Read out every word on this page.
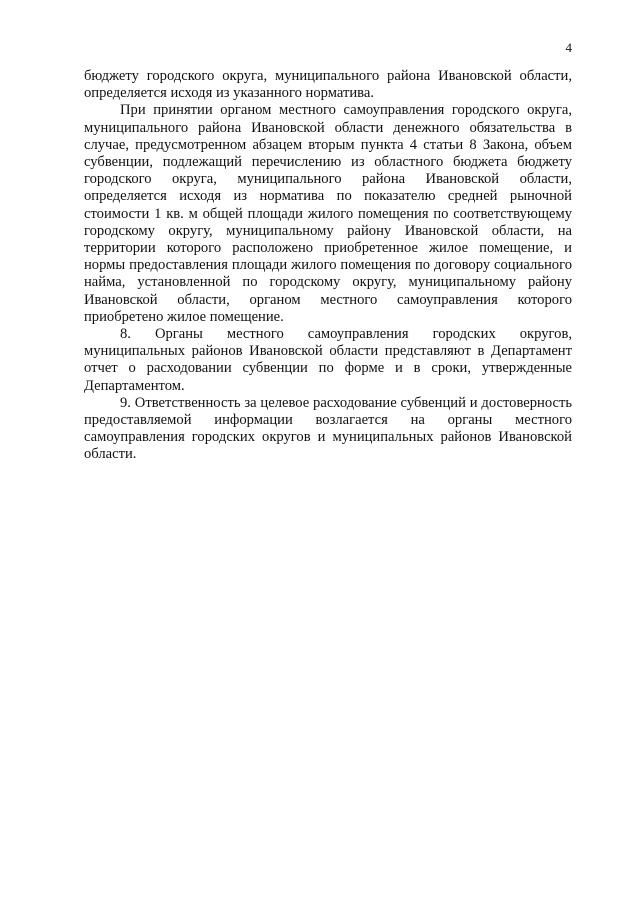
4

бюджету городского округа, муниципального района Ивановской области, определяется исходя из указанного норматива.

При принятии органом местного самоуправления городского округа, муниципального района Ивановской области денежного обязательства в случае, предусмотренном абзацем вторым пункта 4 статьи 8 Закона, объем субвенции, подлежащий перечислению из областного бюджета бюджету городского округа, муниципального района Ивановской области, определяется исходя из норматива по показателю средней рыночной стоимости 1 кв. м общей площади жилого помещения по соответствующему городскому округу, муниципальному району Ивановской области, на территории которого расположено приобретенное жилое помещение, и нормы предоставления площади жилого помещения по договору социального найма, установленной по городскому округу, муниципальному району Ивановской области, органом местного самоуправления которого приобретено жилое помещение.

8. Органы местного самоуправления городских округов, муниципальных районов Ивановской области представляют в Департамент отчет о расходовании субвенции по форме и в сроки, утвержденные Департаментом.

9. Ответственность за целевое расходование субвенций и достоверность предоставляемой информации возлагается на органы местного самоуправления городских округов и муниципальных районов Ивановской области.
